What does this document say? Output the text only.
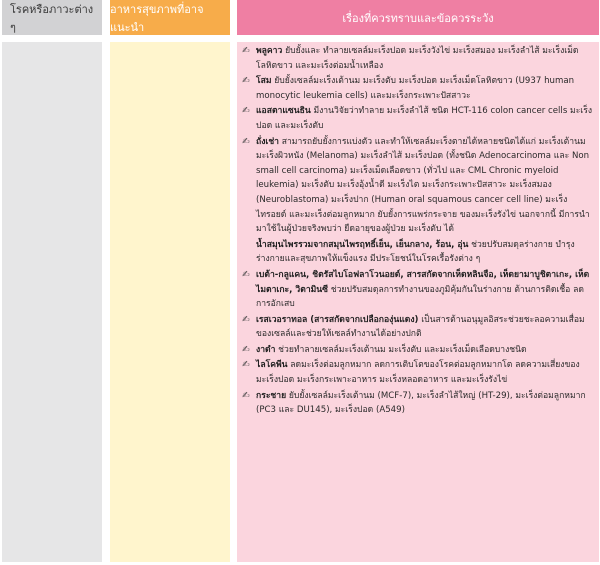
โรคหรือภาวะต่าง ๆ
อาหารสุขภาพที่อาจแนะนำ
เรื่องที่ควรทราบและข้อควรระวัง
✍ พลูคาว ยับยั้งและ ทำลายเซลล์มะเร็งปอด มะเร็งวังไข่ มะเร็งสมอง มะเร็งลำไส้ มะเร็งเม็ดโลหิตขาว และมะเร็งต่อมน้ำเหลือง
✍ โสม ยับยั้งเซลล์มะเร็งเต้านม มะเร็งตับ มะเร็งปอด มะเร็งเม็ดโลหิตขาว (U937 human monocytic leukemia cells) และมะเร็งกระเพาะปัสสาวะ
✍ แอสตาแซนธิน มีงานวิจัยว่าทำลาย มะเร็งลำไส้ ชนิด HCT-116 colon cancer cells มะเร็งปอด และมะเร็งตับ
✍ ถั่งเช่า สามารถยับยั้งการแบ่งตัว และทำให้เซลล์มะเร็งตายได้หลายชนิดได้แก่ มะเร็งเต้านม มะเร็งผิวหนัง (Melanoma) มะเร็งลำไส้ มะเร็งปอด (ทั้งชนิด Adenocarcinoma และ Non small cell carcinoma) มะเร็งเม็ดเลือดขาว (ทั่วไป และ CML Chronic myeloid leukemia) มะเร็งตับ มะเร็งอุ้งน้ำดี มะเร็งไต มะเร็งกระเพาะปัสสาวะ มะเร็งสมอง (Neuroblastoma) มะเร็งปาก (Human oral squamous cancer cell line) มะเร็งไทรอยด์ และมะเร็งต่อมลูกหมาก ยับยั้งการแพร่กระจาย ของมะเร็งรังไข่ นอกจากนี้ มีการนำมาใช้ในผู้ป่วยจริงพบว่า ยืดอายุของผู้ป่วย มะเร็งตับ ได้
น้ำสมุนไพรรวมจากสมุนไพรฤทธิ์เย็น, เย็นกลาง, ร้อน, อุ่น ช่วยปรับสมดุลร่างกาย บำรุงร่างกายและสุขภาพให้แข็งแรง มีประโยชน์ในโรคเรื้อรังต่าง ๆ
✍ เบต้า-กลูแคน, ชิตรัสไบโอฟลาโวนอยด์, สารสกัดจากเห็ดหลินจือ, เห็ดยามาบูชิตาเกะ, เห็ดไมตาเกะ, วิตามินซี ช่วยปรับสมดุลการทำงานของภูมิคุ้มกันในร่างกาย ต้านการติดเชื้อ ลดการอักเสบ
✍ เรสเวอราทอล (สารสกัดจากเปลือกองุ่นแดง) เป็นสารต้านอนุมูลอิสระช่วยชะลอความเสื่อมของเซลล์และช่วยให้เซลล์ทำงานได้อย่างปกติ
✍ งาดำ ช่วยทำลายเซลล์มะเร็งเต้านม มะเร็งตับ และมะเร็งเม็ดเลือดบางชนิด
✍ ไลโคพีน ลดมะเร็งต่อมลูกหมาก ลดการเติบโตของโรคต่อมลูกหมากโต ลดความเสี่ยงของมะเร็งปอด มะเร็งกระเพาะอาหาร มะเร็งหลอดอาหาร และมะเร็งรังไข่
✍ กระชาย ยับยั้งเซลล์มะเร็งเต้านม (MCF-7), มะเร็งลำไส้ใหญ่ (HT-29), มะเร็งต่อมลูกหมาก (PC3 และ DU145), มะเร็งปอด (A549)
